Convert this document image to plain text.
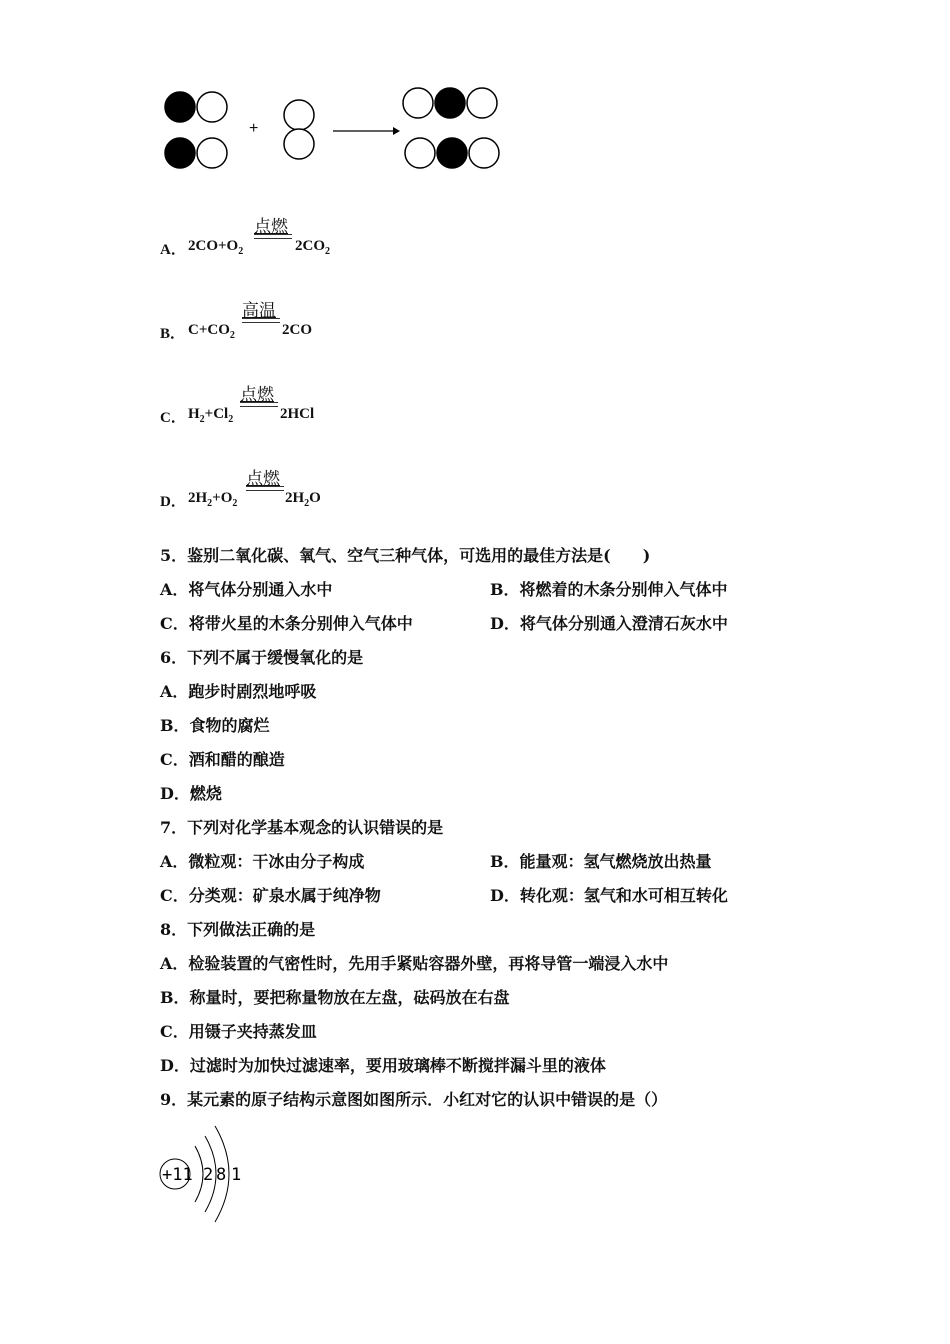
+
A． $2CO+O_2$
点燃
$2CO_2$
B． $C+CO_2$
高温
2CO
C． $H_2+Cl_2$
点燃
2HCl
D． $2H_2+O_2$
点燃
$2H_2O$
5．鉴别二氧化碳、氧气、空气三种气体，可选用的最佳方法是(　　)
A．将气体分别通入水中	B．将燃着的木条分别伸入气体中
C．将带火星的木条分别伸入气体中	D．将气体分别通入澄清石灰水中
6．下列不属于缓慢氧化的是
A．跑步时剧烈地呼吸
B．食物的腐烂
C．酒和醋的酿造
D．燃烧
7．下列对化学基本观念的认识错误的是
A．微粒观：干冰由分子构成	B．能量观：氢气燃烧放出热量
C．分类观：矿泉水属于纯净物	D．转化观：氢气和水可相互转化
8．下列做法正确的是
A．检验装置的气密性时，先用手紧贴容器外壁，再将导管一端浸入水中
B．称量时，要把称量物放在左盘，砝码放在右盘
C．用镊子夹持蒸发皿
D．过滤时为加快过滤速率，要用玻璃棒不断搅拌漏斗里的液体
9．某元素的原子结构示意图如图所示．小红对它的认识中错误的是（）
+11 2 8 1
